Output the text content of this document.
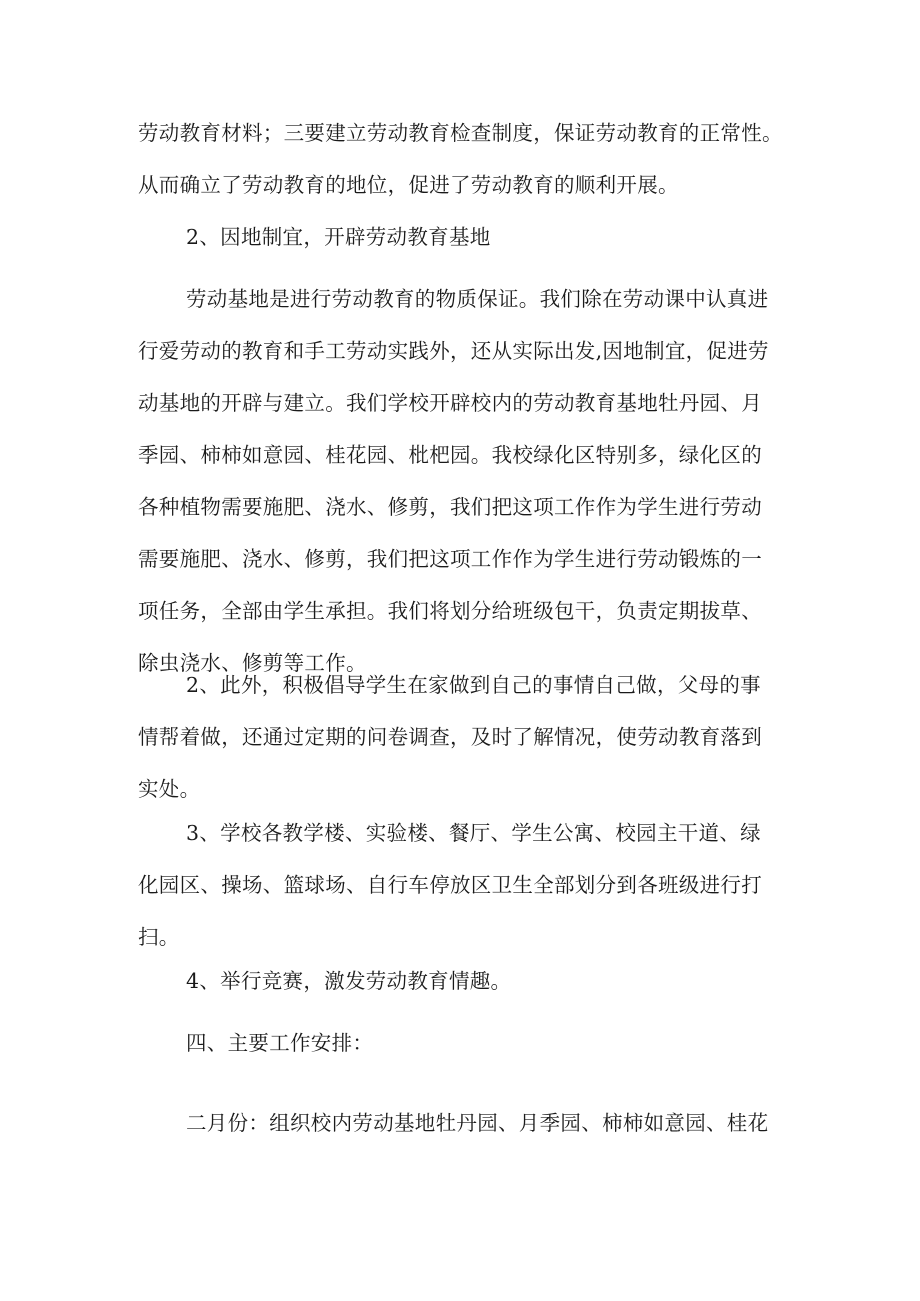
劳动教育材料；三要建立劳动教育检查制度，保证劳动教育的正常性。
从而确立了劳动教育的地位，促进了劳动教育的顺利开展。
2、因地制宜，开辟劳动教育基地
劳动基地是进行劳动教育的物质保证。我们除在劳动课中认真进
行爱劳动的教育和手工劳动实践外，还从实际出发,因地制宜，促进劳
动基地的开辟与建立。我们学校开辟校内的劳动教育基地牡丹园、月
季园、柿柿如意园、桂花园、枇杷园。我校绿化区特别多，绿化区的
各种植物需要施肥、浇水、修剪，我们把这项工作作为学生进行劳动
需要施肥、浇水、修剪，我们把这项工作作为学生进行劳动锻炼的一
项任务，全部由学生承担。我们将划分给班级包干，负责定期拔草、
除虫浇水、修剪等工作。
2、此外，积极倡导学生在家做到自己的事情自己做，父母的事
情帮着做，还通过定期的问卷调查，及时了解情况，使劳动教育落到
实处。
3、学校各教学楼、实验楼、餐厅、学生公寓、校园主干道、绿
化园区、操场、篮球场、自行车停放区卫生全部划分到各班级进行打
扫。
4、举行竞赛，激发劳动教育情趣。
四、主要工作安排：
二月份：组织校内劳动基地牡丹园、月季园、柿柿如意园、桂花
